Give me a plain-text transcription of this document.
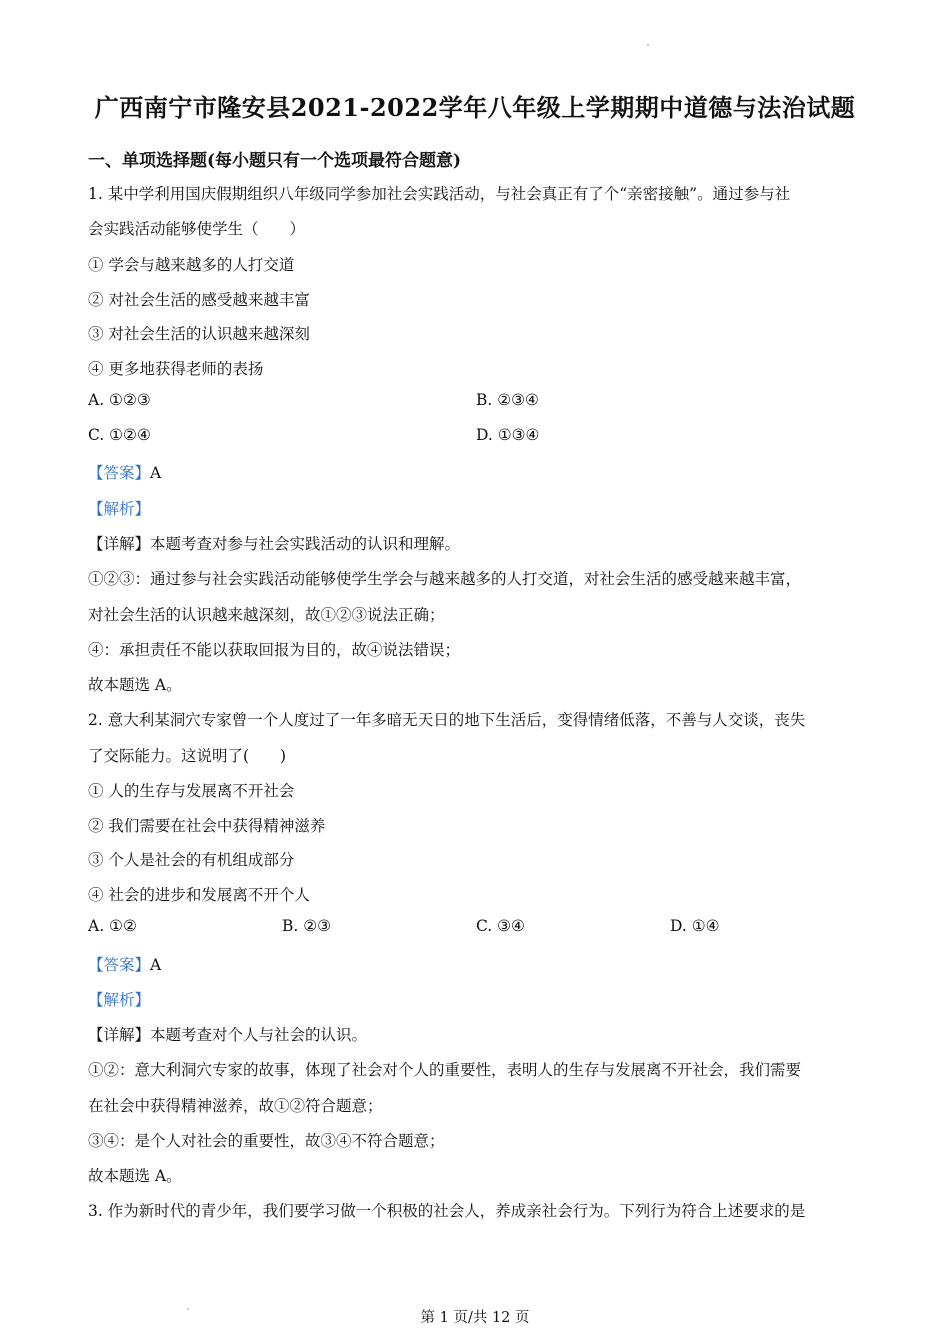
广西南宁市隆安县2021-2022学年八年级上学期期中道德与法治试题
一、单项选择题(每小题只有一个选项最符合题意)
1. 某中学利用国庆假期组织八年级同学参加社会实践活动，与社会真正有了个“亲密接触”。通过参与社
会实践活动能够使学生（　　）
① 学会与越来越多的人打交道
② 对社会生活的感受越来越丰富
③ 对社会生活的认识越来越深刻
④ 更多地获得老师的表扬
A. ①②③	B. ②③④
C. ①②④	D. ①③④
【答案】A
【解析】
【详解】本题考查对参与社会实践活动的认识和理解。
①②③：通过参与社会实践活动能够使学生学会与越来越多的人打交道，对社会生活的感受越来越丰富，
对社会生活的认识越来越深刻，故①②③说法正确；
④：承担责任不能以获取回报为目的，故④说法错误；
故本题选 A。
2. 意大利某洞穴专家曾一个人度过了一年多暗无天日的地下生活后，变得情绪低落，不善与人交谈，丧失
了交际能力。这说明了(　　)
① 人的生存与发展离不开社会
② 我们需要在社会中获得精神滋养
③ 个人是社会的有机组成部分
④ 社会的进步和发展离不开个人
A. ①②	B. ②③	C. ③④	D. ①④
【答案】A
【解析】
【详解】本题考查对个人与社会的认识。
①②：意大利洞穴专家的故事，体现了社会对个人的重要性，表明人的生存与发展离不开社会，我们需要
在社会中获得精神滋养，故①②符合题意；
③④：是个人对社会的重要性，故③④不符合题意；
故本题选 A。
3. 作为新时代的青少年，我们要学习做一个积极的社会人，养成亲社会行为。下列行为符合上述要求的是
第 1 页/共 12 页
